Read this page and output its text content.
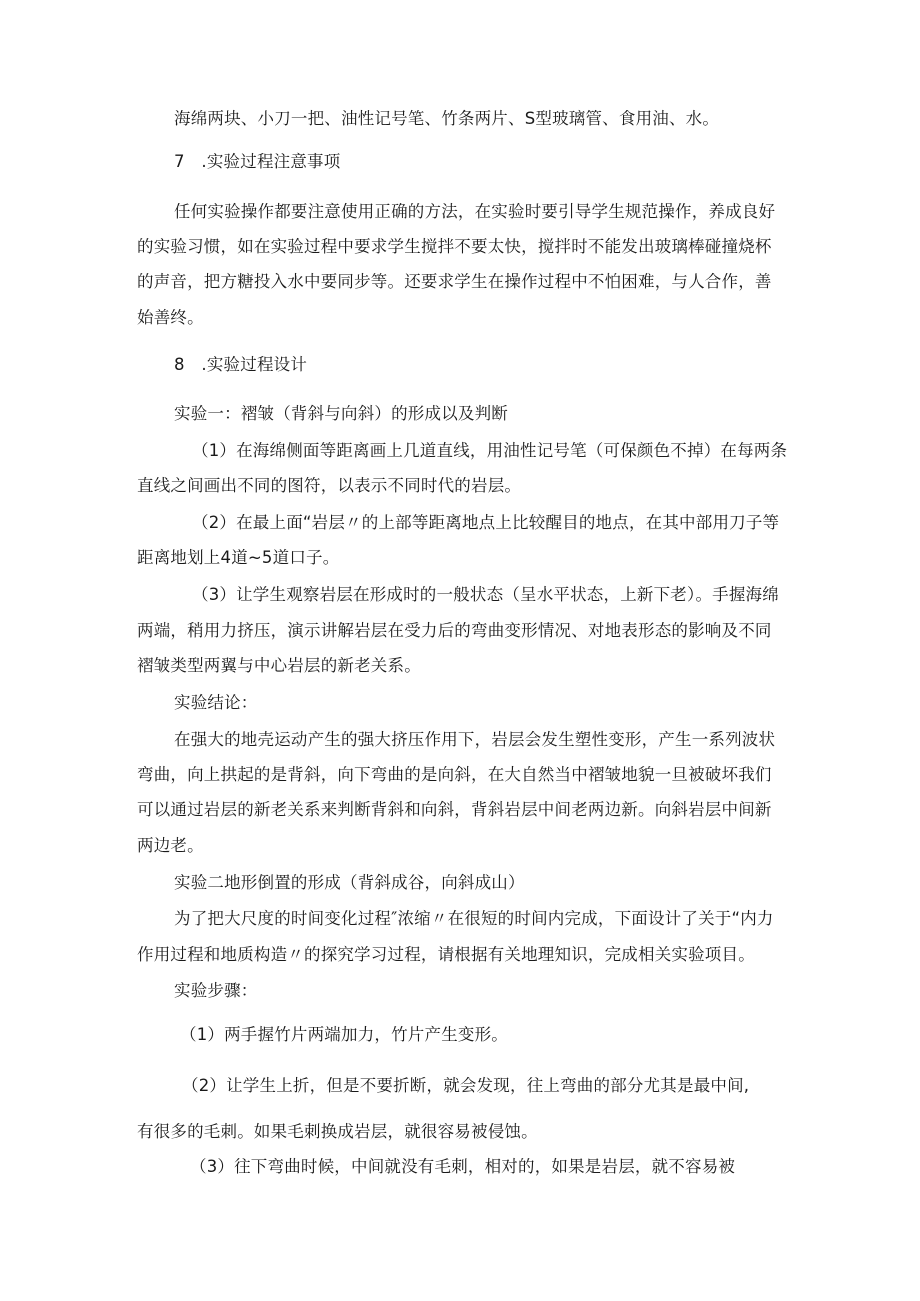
海绵两块、小刀一把、油性记号笔、竹条两片、S型玻璃管、食用油、水。
7　.实验过程注意事项
任何实验操作都要注意使用正确的方法，在实验时要引导学生规范操作，养成良好
的实验习惯，如在实验过程中要求学生搅拌不要太快，搅拌时不能发出玻璃棒碰撞烧杯
的声音，把方糖投入水中要同步等。还要求学生在操作过程中不怕困难，与人合作，善
始善终。
8　.实验过程设计
实验一：褶皱（背斜与向斜）的形成以及判断
（1）在海绵侧面等距离画上几道直线，用油性记号笔（可保颜色不掉）在每两条
直线之间画出不同的图符，以表示不同时代的岩层。
（2）在最上面“岩层〃的上部等距离地点上比较醒目的地点，在其中部用刀子等
距离地划上4道~5道口子。
（3）让学生观察岩层在形成时的一般状态（呈水平状态，上新下老）。手握海绵
两端，稍用力挤压，演示讲解岩层在受力后的弯曲变形情况、对地表形态的影响及不同
褶皱类型两翼与中心岩层的新老关系。
实验结论：
在强大的地壳运动产生的强大挤压作用下，岩层会发生塑性变形，产生一系列波状
弯曲，向上拱起的是背斜，向下弯曲的是向斜，在大自然当中褶皱地貌一旦被破坏我们
可以通过岩层的新老关系来判断背斜和向斜，背斜岩层中间老两边新。向斜岩层中间新
两边老。
实验二地形倒置的形成（背斜成谷，向斜成山）
为了把大尺度的时间变化过程″浓缩〃在很短的时间内完成，下面设计了关于“内力
作用过程和地质构造〃的探究学习过程，请根据有关地理知识，完成相关实验项目。
实验步骤：
（1）两手握竹片两端加力，竹片产生变形。
（2）让学生上折，但是不要折断，就会发现，往上弯曲的部分尤其是最中间,
有很多的毛刺。如果毛刺换成岩层，就很容易被侵蚀。
（3）往下弯曲时候，中间就没有毛刺，相对的，如果是岩层，就不容易被
